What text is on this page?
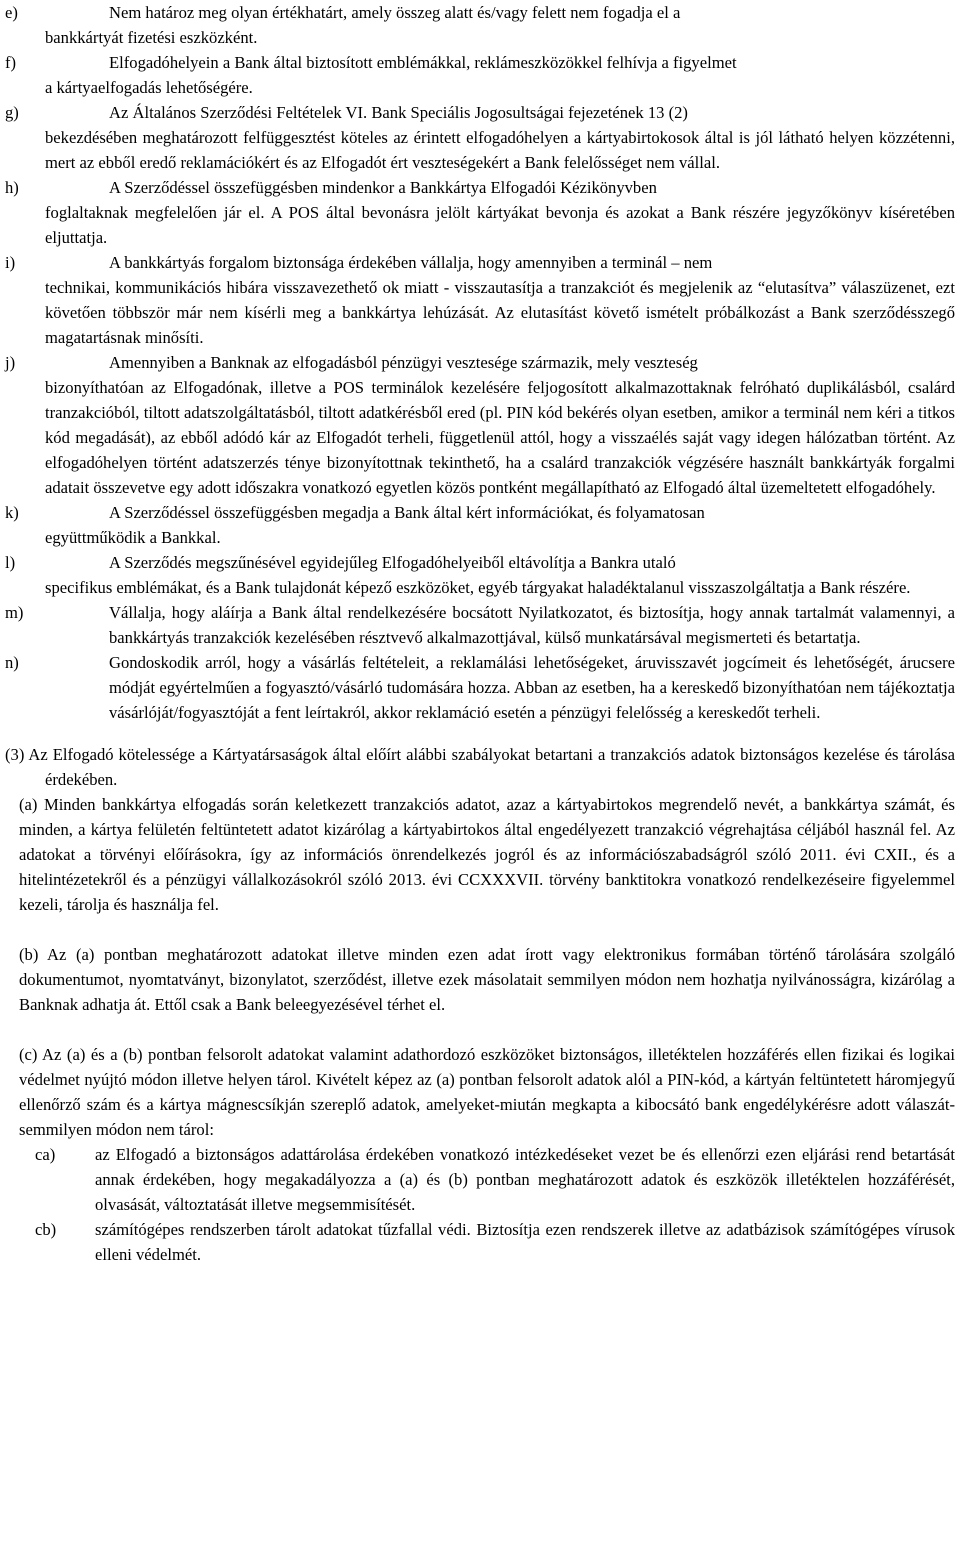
Nem határoz meg olyan értékhatárt, amely összeg alatt és/vagy felett nem fogadja el a
bankkártyát fizetési eszközként.
e)
Elfogadóhelyein a Bank által biztosított emblémákkal, reklámeszközökkel felhívja a figyelmet
a kártyaelfogadás lehetőségére.
f)
Az Általános Szerződési Feltételek VI. Bank Speciális Jogosultságai fejezetének 13 (2)
bekezdésében meghatározott felfüggesztést köteles az érintett elfogadóhelyen a kártyabirtokosok által is jól látható helyen közzétenni, mert az ebből eredő reklamációkért és az Elfogadót ért veszteségekért a Bank felelősséget nem vállal.
g)
A Szerződéssel összefüggésben mindenkor a Bankkártya Elfogadói Kézikönyvben
foglaltaknak megfelelően jár el. A POS által bevonásra jelölt kártyákat bevonja és azokat a Bank részére jegyzőkönyv kíséretében eljuttatja.
h)
A bankkártyás forgalom biztonsága érdekében vállalja, hogy amennyiben a terminál – nem
technikai, kommunikációs hibára visszavezethető ok miatt - visszautasítja a tranzakciót és megjelenik az “elutasítva” válaszüzenet, ezt követően többször már nem kísérli meg a bankkártya lehúzását. Az elutasítást követő ismételt próbálkozást a Bank szerződésszegő magatartásnak minősíti.
i)
Amennyiben a Banknak az elfogadásból pénzügyi vesztesége származik, mely veszteség
bizonyíthatóan az Elfogadónak, illetve a POS terminálok kezelésére feljogosított alkalmazottaknak felróható duplikálásból, csalárd tranzakcióból, tiltott adatszolgáltatásból, tiltott adatkérésből ered (pl. PIN kód bekérés olyan esetben, amikor a terminál nem kéri a titkos kód megadását), az ebből adódó kár az Elfogadót terheli, függetlenül attól, hogy a visszaélés saját vagy idegen hálózatban történt. Az elfogadóhelyen történt adatszerzés ténye bizonyítottnak tekinthető, ha a csalárd tranzakciók végzésére használt bankkártyák forgalmi adatait összevetve egy adott időszakra vonatkozó egyetlen közös pontként megállapítható az Elfogadó által üzemeltetett elfogadóhely.
j)
A Szerződéssel összefüggésben megadja a Bank által kért információkat, és folyamatosan
együttműködik a Bankkal.
k)
A Szerződés megszűnésével egyidejűleg Elfogadóhelyeiből eltávolítja a Bankra utaló
specifikus emblémákat, és a Bank tulajdonát képező eszközöket, egyéb tárgyakat haladéktalanul visszaszolgáltatja a Bank részére.
l)
Vállalja, hogy aláírja a Bank által rendelkezésére bocsátott Nyilatkozatot, és biztosítja, hogy annak tartalmát valamennyi, a bankkártyás tranzakciók kezelésében résztvevő alkalmazottjával, külső munkatársával megismerteti és betartatja.
m)
Gondoskodik arról, hogy a vásárlás feltételeit, a reklamálási lehetőségeket, áruvisszavét jogcímeit és lehetőségét, árucsere módját egyértelműen a fogyasztó/vásárló tudomására hozza. Abban az esetben, ha a kereskedő bizonyíthatóan nem tájékoztatja vásárlóját/fogyasztóját a fent leírtakról, akkor reklamáció esetén a pénzügyi felelősség a kereskedőt terheli.
n)
(3) Az Elfogadó kötelessége a Kártyatársaságok által előírt alábbi szabályokat betartani a tranzakciós adatok biztonságos kezelése és tárolása érdekében.
(a) Minden bankkártya elfogadás során keletkezett tranzakciós adatot, azaz a kártyabirtokos megrendelő nevét, a bankkártya számát, és minden, a kártya felületén feltüntetett adatot kizárólag a kártyabirtokos által engedélyezett tranzakció végrehajtása céljából használ fel. Az adatokat a törvényi előírásokra, így az információs önrendelkezés jogról és az információszabadságról szóló 2011. évi CXII., és a hitelintézetekről és a pénzügyi vállalkozásokról szóló 2013. évi CCXXXVII. törvény banktitokra vonatkozó rendelkezéseire figyelemmel kezeli, tárolja és használja fel.
(b) Az (a) pontban meghatározott adatokat illetve minden ezen adat írott vagy elektronikus formában történő tárolására szolgáló dokumentumot, nyomtatványt, bizonylatot, szerződést, illetve ezek másolatait semmilyen módon nem hozhatja nyilvánosságra, kizárólag a Banknak adhatja át. Ettől csak a Bank beleegyezésével térhet el.
(c) Az (a) és a (b) pontban felsorolt adatokat valamint adathordozó eszközöket biztonságos, illetéktelen hozzáférés ellen fizikai és logikai védelmet nyújtó módon illetve helyen tárol. Kivételt képez az (a) pontban felsorolt adatok alól a PIN-kód, a kártyán feltüntetett háromjegyű ellenőrző szám és a kártya mágnescsíkján szereplő adatok, amelyeket-miután megkapta a kibocsátó bank engedélykérésre adott válaszát-semmilyen módon nem tárol:
ca) az Elfogadó a biztonságos adattárolása érdekében vonatkozó intézkedéseket vezet be és ellenőrzi ezen eljárási rend betartását annak érdekében, hogy megakadályozza a (a) és (b) pontban meghatározott adatok és eszközök illetéktelen hozzáférését, olvasását, változtatását illetve megsemmisítését.
cb) számítógépes rendszerben tárolt adatokat tűzfallal védi. Biztosítja ezen rendszerek illetve az adatbázisok számítógépes vírusok elleni védelmét.
